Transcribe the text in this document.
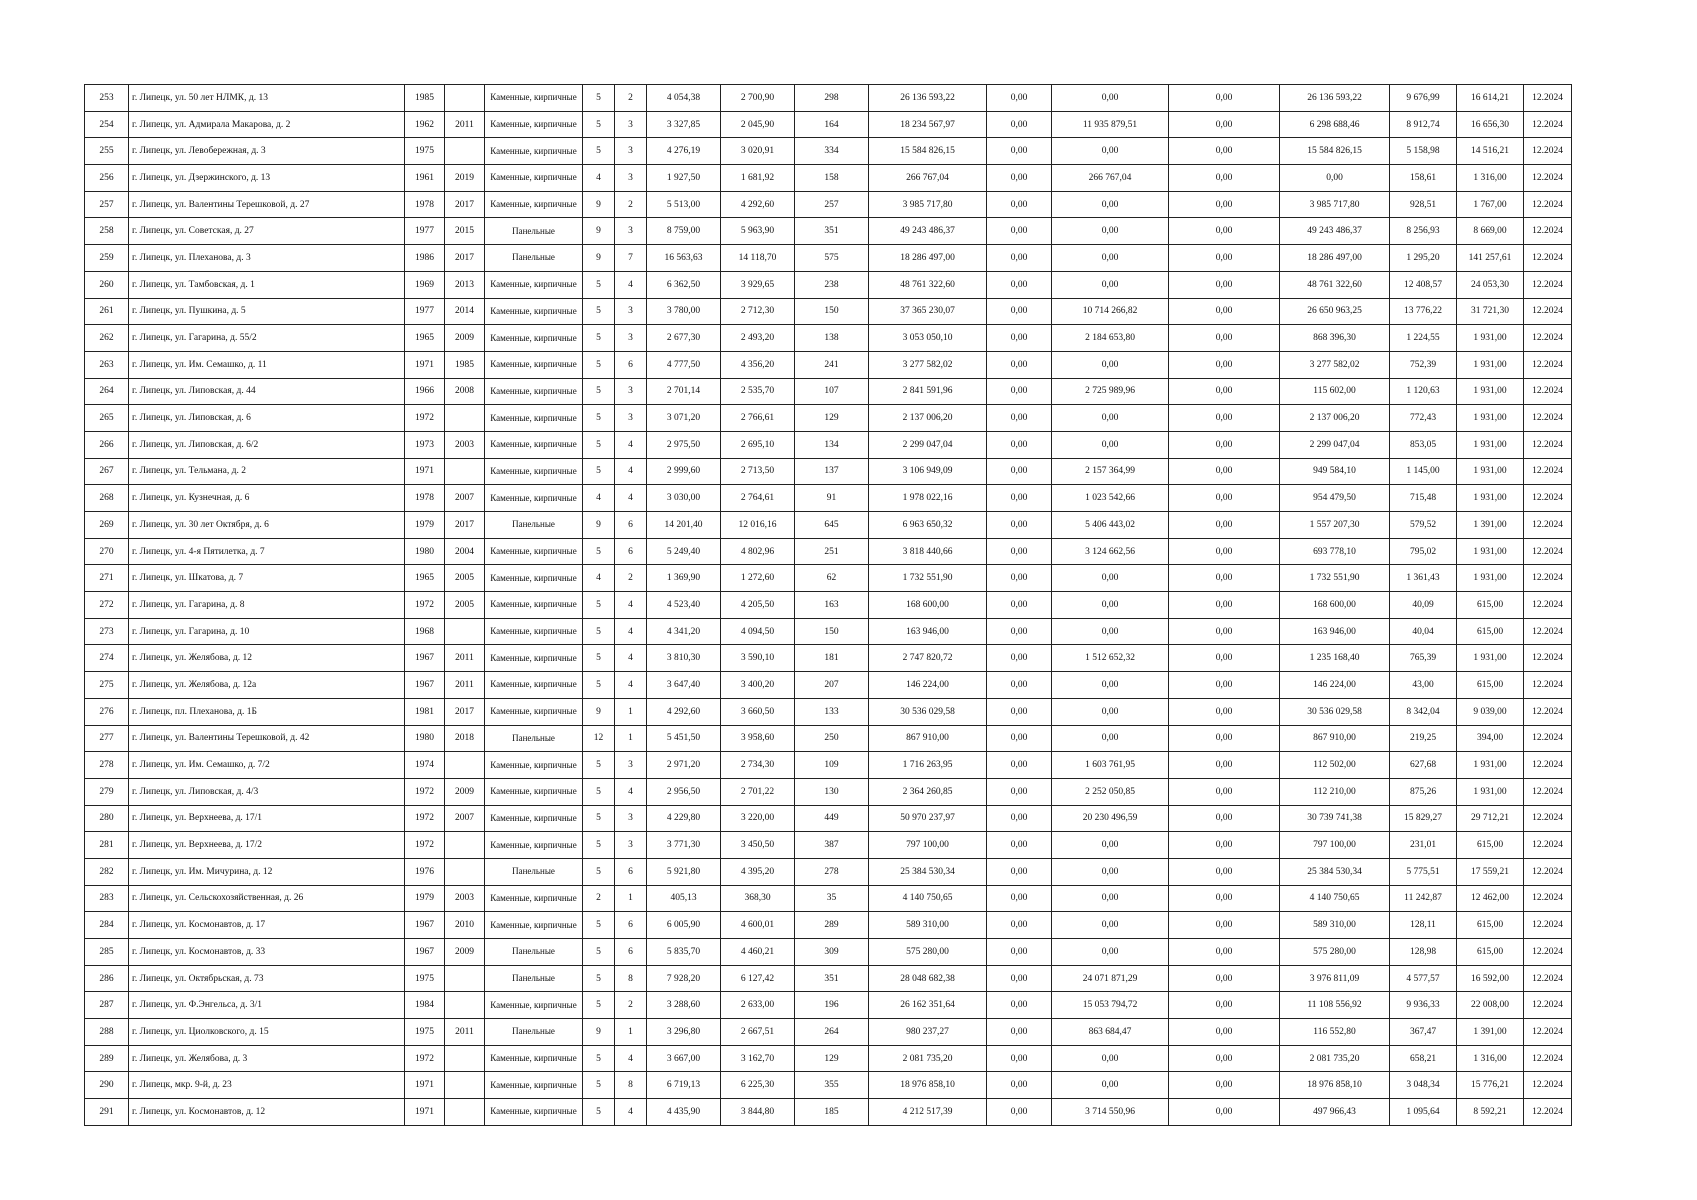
253	г. Липецк, ул. 50 лет НЛМК, д. 13	1985		Каменные, кирпичные	5	2	4 054,38	2 700,90	298	26 136 593,22	0,00	0,00	0,00	26 136 593,22	9 676,99	16 614,21	12.2024
254	г. Липецк, ул. Адмирала Макарова, д. 2	1962	2011	Каменные, кирпичные	5	3	3 327,85	2 045,90	164	18 234 567,97	0,00	11 935 879,51	0,00	6 298 688,46	8 912,74	16 656,30	12.2024
255	г. Липецк, ул. Левобережная, д. 3	1975		Каменные, кирпичные	5	3	4 276,19	3 020,91	334	15 584 826,15	0,00	0,00	0,00	15 584 826,15	5 158,98	14 516,21	12.2024
256	г. Липецк, ул. Дзержинского, д. 13	1961	2019	Каменные, кирпичные	4	3	1 927,50	1 681,92	158	266 767,04	0,00	266 767,04	0,00	0,00	158,61	1 316,00	12.2024
257	г. Липецк, ул. Валентины Терешковой, д. 27	1978	2017	Каменные, кирпичные	9	2	5 513,00	4 292,60	257	3 985 717,80	0,00	0,00	0,00	3 985 717,80	928,51	1 767,00	12.2024
258	г. Липецк, ул. Советская, д. 27	1977	2015	Панельные	9	3	8 759,00	5 963,90	351	49 243 486,37	0,00	0,00	0,00	49 243 486,37	8 256,93	8 669,00	12.2024
259	г. Липецк, ул. Плеханова, д. 3	1986	2017	Панельные	9	7	16 563,63	14 118,70	575	18 286 497,00	0,00	0,00	0,00	18 286 497,00	1 295,20	141 257,61	12.2024
260	г. Липецк, ул. Тамбовская, д. 1	1969	2013	Каменные, кирпичные	5	4	6 362,50	3 929,65	238	48 761 322,60	0,00	0,00	0,00	48 761 322,60	12 408,57	24 053,30	12.2024
261	г. Липецк, ул. Пушкина, д. 5	1977	2014	Каменные, кирпичные	5	3	3 780,00	2 712,30	150	37 365 230,07	0,00	10 714 266,82	0,00	26 650 963,25	13 776,22	31 721,30	12.2024
262	г. Липецк, ул. Гагарина, д. 55/2	1965	2009	Каменные, кирпичные	5	3	2 677,30	2 493,20	138	3 053 050,10	0,00	2 184 653,80	0,00	868 396,30	1 224,55	1 931,00	12.2024
263	г. Липецк, ул. Им. Семашко, д. 11	1971	1985	Каменные, кирпичные	5	6	4 777,50	4 356,20	241	3 277 582,02	0,00	0,00	0,00	3 277 582,02	752,39	1 931,00	12.2024
264	г. Липецк, ул. Липовская, д. 44	1966	2008	Каменные, кирпичные	5	3	2 701,14	2 535,70	107	2 841 591,96	0,00	2 725 989,96	0,00	115 602,00	1 120,63	1 931,00	12.2024
265	г. Липецк, ул. Липовская, д. 6	1972		Каменные, кирпичные	5	3	3 071,20	2 766,61	129	2 137 006,20	0,00	0,00	0,00	2 137 006,20	772,43	1 931,00	12.2024
266	г. Липецк, ул. Липовская, д. 6/2	1973	2003	Каменные, кирпичные	5	4	2 975,50	2 695,10	134	2 299 047,04	0,00	0,00	0,00	2 299 047,04	853,05	1 931,00	12.2024
267	г. Липецк, ул. Тельмана, д. 2	1971		Каменные, кирпичные	5	4	2 999,60	2 713,50	137	3 106 949,09	0,00	2 157 364,99	0,00	949 584,10	1 145,00	1 931,00	12.2024
268	г. Липецк, ул. Кузнечная, д. 6	1978	2007	Каменные, кирпичные	4	4	3 030,00	2 764,61	91	1 978 022,16	0,00	1 023 542,66	0,00	954 479,50	715,48	1 931,00	12.2024
269	г. Липецк, ул. 30 лет Октября, д. 6	1979	2017	Панельные	9	6	14 201,40	12 016,16	645	6 963 650,32	0,00	5 406 443,02	0,00	1 557 207,30	579,52	1 391,00	12.2024
270	г. Липецк, ул. 4-я Пятилетка, д. 7	1980	2004	Каменные, кирпичные	5	6	5 249,40	4 802,96	251	3 818 440,66	0,00	3 124 662,56	0,00	693 778,10	795,02	1 931,00	12.2024
271	г. Липецк, ул. Шкатова, д. 7	1965	2005	Каменные, кирпичные	4	2	1 369,90	1 272,60	62	1 732 551,90	0,00	0,00	0,00	1 732 551,90	1 361,43	1 931,00	12.2024
272	г. Липецк, ул. Гагарина, д. 8	1972	2005	Каменные, кирпичные	5	4	4 523,40	4 205,50	163	168 600,00	0,00	0,00	0,00	168 600,00	40,09	615,00	12.2024
273	г. Липецк, ул. Гагарина, д. 10	1968		Каменные, кирпичные	5	4	4 341,20	4 094,50	150	163 946,00	0,00	0,00	0,00	163 946,00	40,04	615,00	12.2024
274	г. Липецк, ул. Желябова, д. 12	1967	2011	Каменные, кирпичные	5	4	3 810,30	3 590,10	181	2 747 820,72	0,00	1 512 652,32	0,00	1 235 168,40	765,39	1 931,00	12.2024
275	г. Липецк, ул. Желябова, д. 12а	1967	2011	Каменные, кирпичные	5	4	3 647,40	3 400,20	207	146 224,00	0,00	0,00	0,00	146 224,00	43,00	615,00	12.2024
276	г. Липецк, пл. Плеханова, д. 1Б	1981	2017	Каменные, кирпичные	9	1	4 292,60	3 660,50	133	30 536 029,58	0,00	0,00	0,00	30 536 029,58	8 342,04	9 039,00	12.2024
277	г. Липецк, ул. Валентины Терешковой, д. 42	1980	2018	Панельные	12	1	5 451,50	3 958,60	250	867 910,00	0,00	0,00	0,00	867 910,00	219,25	394,00	12.2024
278	г. Липецк, ул. Им. Семашко, д. 7/2	1974		Каменные, кирпичные	5	3	2 971,20	2 734,30	109	1 716 263,95	0,00	1 603 761,95	0,00	112 502,00	627,68	1 931,00	12.2024
279	г. Липецк, ул. Липовская, д. 4/3	1972	2009	Каменные, кирпичные	5	4	2 956,50	2 701,22	130	2 364 260,85	0,00	2 252 050,85	0,00	112 210,00	875,26	1 931,00	12.2024
280	г. Липецк, ул. Верхнеева, д. 17/1	1972	2007	Каменные, кирпичные	5	3	4 229,80	3 220,00	449	50 970 237,97	0,00	20 230 496,59	0,00	30 739 741,38	15 829,27	29 712,21	12.2024
281	г. Липецк, ул. Верхнеева, д. 17/2	1972		Каменные, кирпичные	5	3	3 771,30	3 450,50	387	797 100,00	0,00	0,00	0,00	797 100,00	231,01	615,00	12.2024
282	г. Липецк, ул. Им. Мичурина, д. 12	1976		Панельные	5	6	5 921,80	4 395,20	278	25 384 530,34	0,00	0,00	0,00	25 384 530,34	5 775,51	17 559,21	12.2024
283	г. Липецк, ул. Сельскохозяйственная, д. 26	1979	2003	Каменные, кирпичные	2	1	405,13	368,30	35	4 140 750,65	0,00	0,00	0,00	4 140 750,65	11 242,87	12 462,00	12.2024
284	г. Липецк, ул. Космонавтов, д. 17	1967	2010	Каменные, кирпичные	5	6	6 005,90	4 600,01	289	589 310,00	0,00	0,00	0,00	589 310,00	128,11	615,00	12.2024
285	г. Липецк, ул. Космонавтов, д. 33	1967	2009	Панельные	5	6	5 835,70	4 460,21	309	575 280,00	0,00	0,00	0,00	575 280,00	128,98	615,00	12.2024
286	г. Липецк, ул. Октябрьская, д. 73	1975		Панельные	5	8	7 928,20	6 127,42	351	28 048 682,38	0,00	24 071 871,29	0,00	3 976 811,09	4 577,57	16 592,00	12.2024
287	г. Липецк, ул. Ф.Энгельса, д. 3/1	1984		Каменные, кирпичные	5	2	3 288,60	2 633,00	196	26 162 351,64	0,00	15 053 794,72	0,00	11 108 556,92	9 936,33	22 008,00	12.2024
288	г. Липецк, ул. Циолковского, д. 15	1975	2011	Панельные	9	1	3 296,80	2 667,51	264	980 237,27	0,00	863 684,47	0,00	116 552,80	367,47	1 391,00	12.2024
289	г. Липецк, ул. Желябова, д. 3	1972		Каменные, кирпичные	5	4	3 667,00	3 162,70	129	2 081 735,20	0,00	0,00	0,00	2 081 735,20	658,21	1 316,00	12.2024
290	г. Липецк, мкр. 9-й, д. 23	1971		Каменные, кирпичные	5	8	6 719,13	6 225,30	355	18 976 858,10	0,00	0,00	0,00	18 976 858,10	3 048,34	15 776,21	12.2024
291	г. Липецк, ул. Космонавтов, д. 12	1971		Каменные, кирпичные	5	4	4 435,90	3 844,80	185	4 212 517,39	0,00	3 714 550,96	0,00	497 966,43	1 095,64	8 592,21	12.2024
